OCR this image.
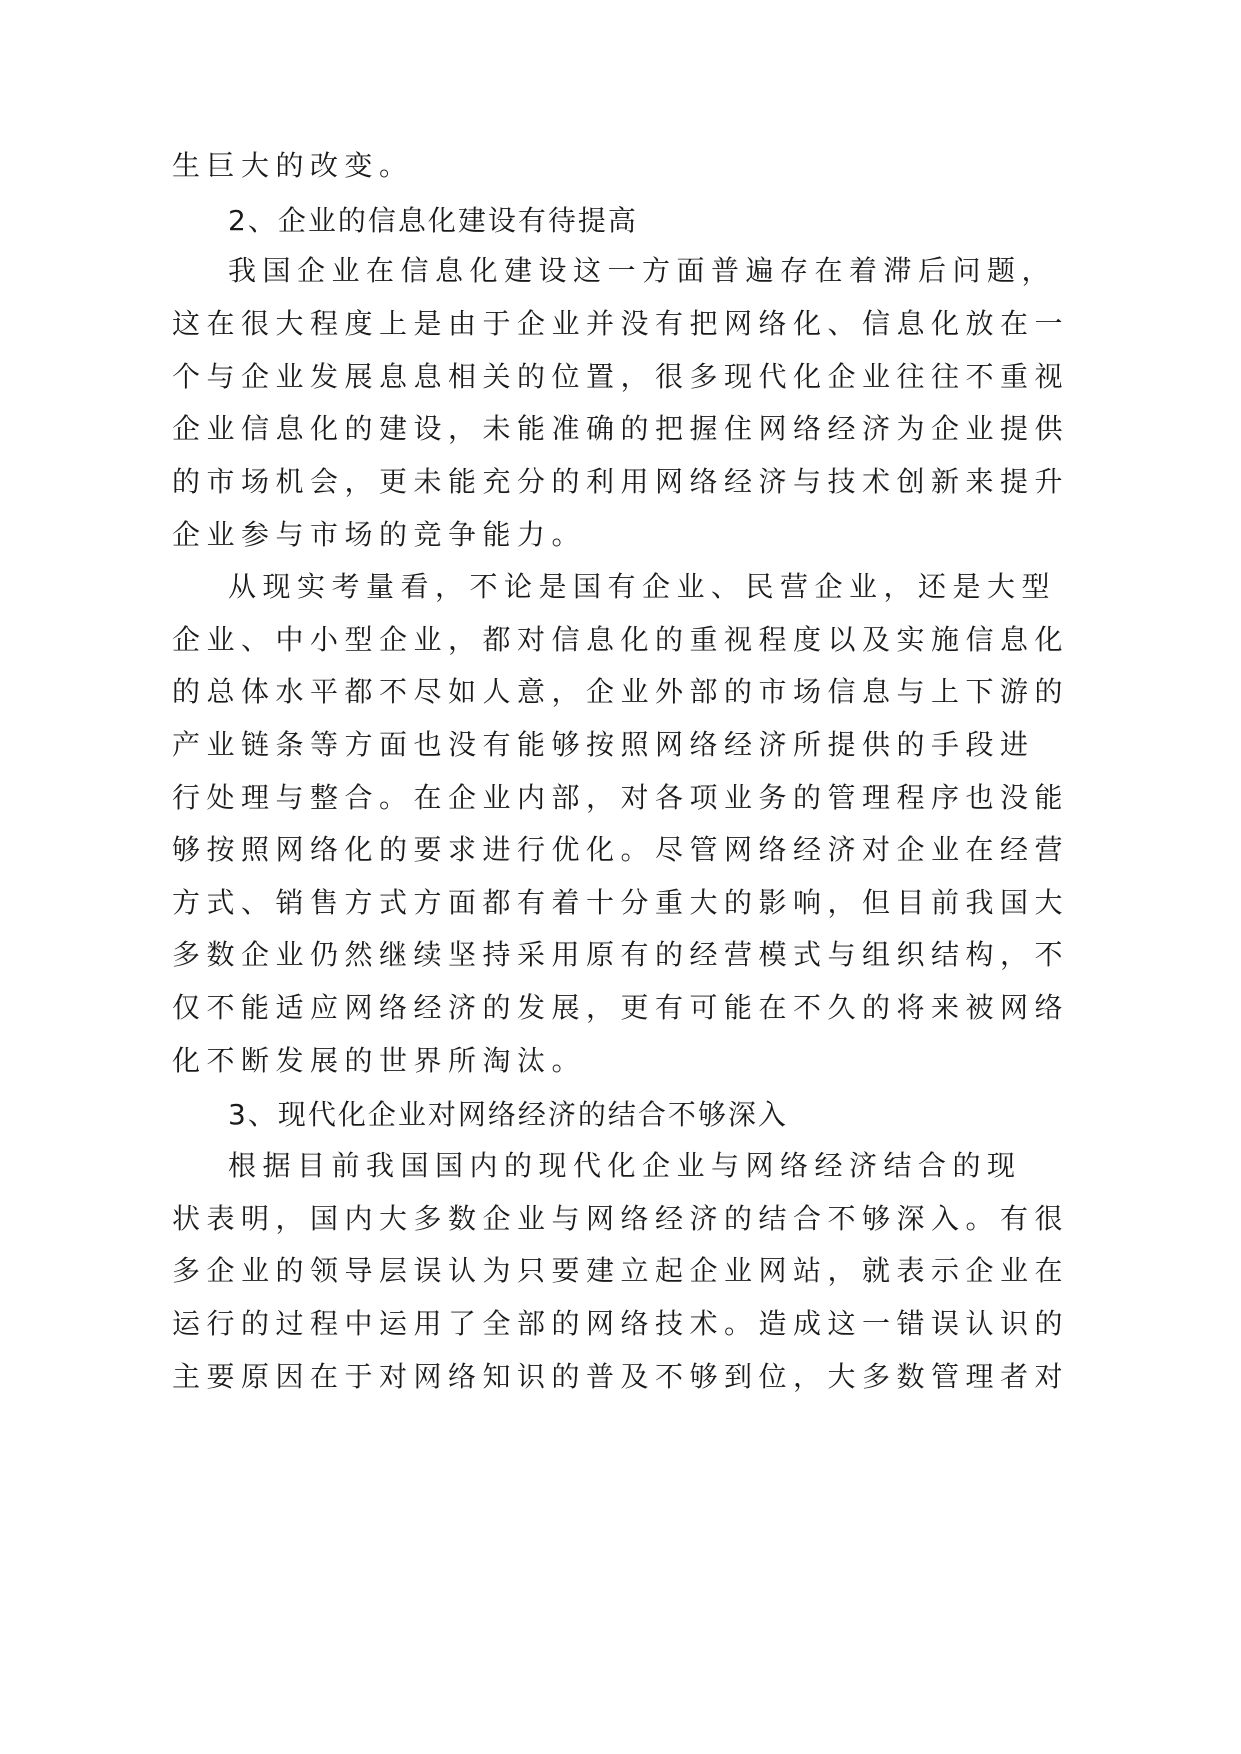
生巨大的改变。
2、企业的信息化建设有待提高
我国企业在信息化建设这一方面普遍存在着滞后问题，
这在很大程度上是由于企业并没有把网络化、信息化放在一
个与企业发展息息相关的位置，很多现代化企业往往不重视
企业信息化的建设，未能准确的把握住网络经济为企业提供
的市场机会，更未能充分的利用网络经济与技术创新来提升
企业参与市场的竞争能力。
从现实考量看，不论是国有企业、民营企业，还是大型
企业、中小型企业，都对信息化的重视程度以及实施信息化
的总体水平都不尽如人意，企业外部的市场信息与上下游的
产业链条等方面也没有能够按照网络经济所提供的手段进
行处理与整合。在企业内部，对各项业务的管理程序也没能
够按照网络化的要求进行优化。尽管网络经济对企业在经营
方式、销售方式方面都有着十分重大的影响，但目前我国大
多数企业仍然继续坚持采用原有的经营模式与组织结构，不
仅不能适应网络经济的发展，更有可能在不久的将来被网络
化不断发展的世界所淘汰。
3、现代化企业对网络经济的结合不够深入
根据目前我国国内的现代化企业与网络经济结合的现
状表明，国内大多数企业与网络经济的结合不够深入。有很
多企业的领导层误认为只要建立起企业网站，就表示企业在
运行的过程中运用了全部的网络技术。造成这一错误认识的
主要原因在于对网络知识的普及不够到位，大多数管理者对
